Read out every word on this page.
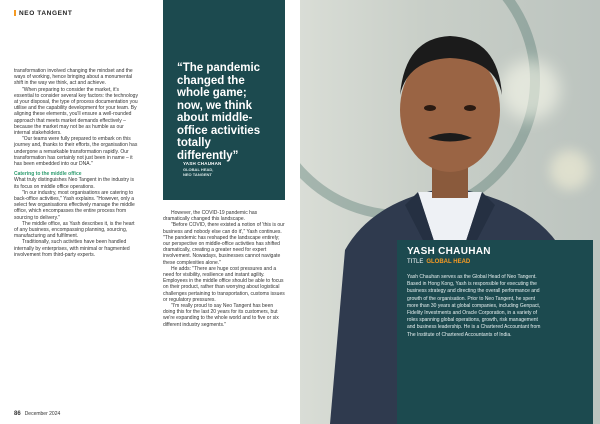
NEO TANGENT

transformation involved changing the mindset and the ways of working, hence bringing about a monumental shift in the way we think, act and achieve.

"When preparing to consider the market, it's essential to consider several key factors: the technology at your disposal, the type of process documentation you utilise and the capability development for your team. By aligning these elements, you'll ensure a well-rounded approach that meets market demands effectively – because the market may not be as humble as our internal stakeholders.

"Our teams were fully prepared to embark on this journey and, thanks to their efforts, the organisation has undergone a remarkable transformation rapidly. Our transformation has certainly not just been in name – it has been embedded into our DNA."

Catering to the middle office

What truly distinguishes Neo Tangent in the industry is its focus on middle office operations.

"In our industry, most organisations are catering to back-office activities," Yash explains. "However, only a select few organisations effectively manage the middle office, which encompasses the entire process from sourcing to delivery."

The middle office, as Yash describes it, is the heart of any business, encompassing planning, sourcing, manufacturing and fulfilment.

Traditionally, such activities have been handled internally by enterprises, with minimal or fragmented involvement from third-party experts.

“The pandemic changed the whole game; now, we think about middle-office activities totally differently”
YASH CHAUHAN
GLOBAL HEAD,
NEO TANGENT

However, the COVID-19 pandemic has dramatically changed this landscape.

"Before COVID, there existed a notion of 'this is our business and nobody else can do it'," Yash continues. "The pandemic has reshaped the landscape entirely; our perspective on middle-office activities has shifted dramatically, creating a greater need for expert involvement. Nowadays, businesses cannot navigate these complexities alone."

He adds: "There are huge cost pressures and a need for visibility, resilience and instant agility. Employees in the middle office should be able to focus on their product, rather than worrying about logistical challenges pertaining to transportation, customs issues or regulatory pressures.

"I'm really proud to say Neo Tangent has been doing this for the last 20 years for its customers, but we're expanding to the whole world and to five or six different industry segments."

86 December 2024
YASH CHAUHAN
TITLE GLOBAL HEAD
Yash Chauhan serves as the Global Head of Neo Tangent. Based in Hong Kong, Yash is responsible for executing the business strategy and directing the overall performance and growth of the organisation. Prior to Neo Tangent, he spent more than 30 years at global companies, including Genpact, Fidelity Investments and Oracle Corporation, in a variety of roles spanning global operations, growth, risk management and business leadership. He is a Chartered Accountant from The Institute of Chartered Accountants of India.
